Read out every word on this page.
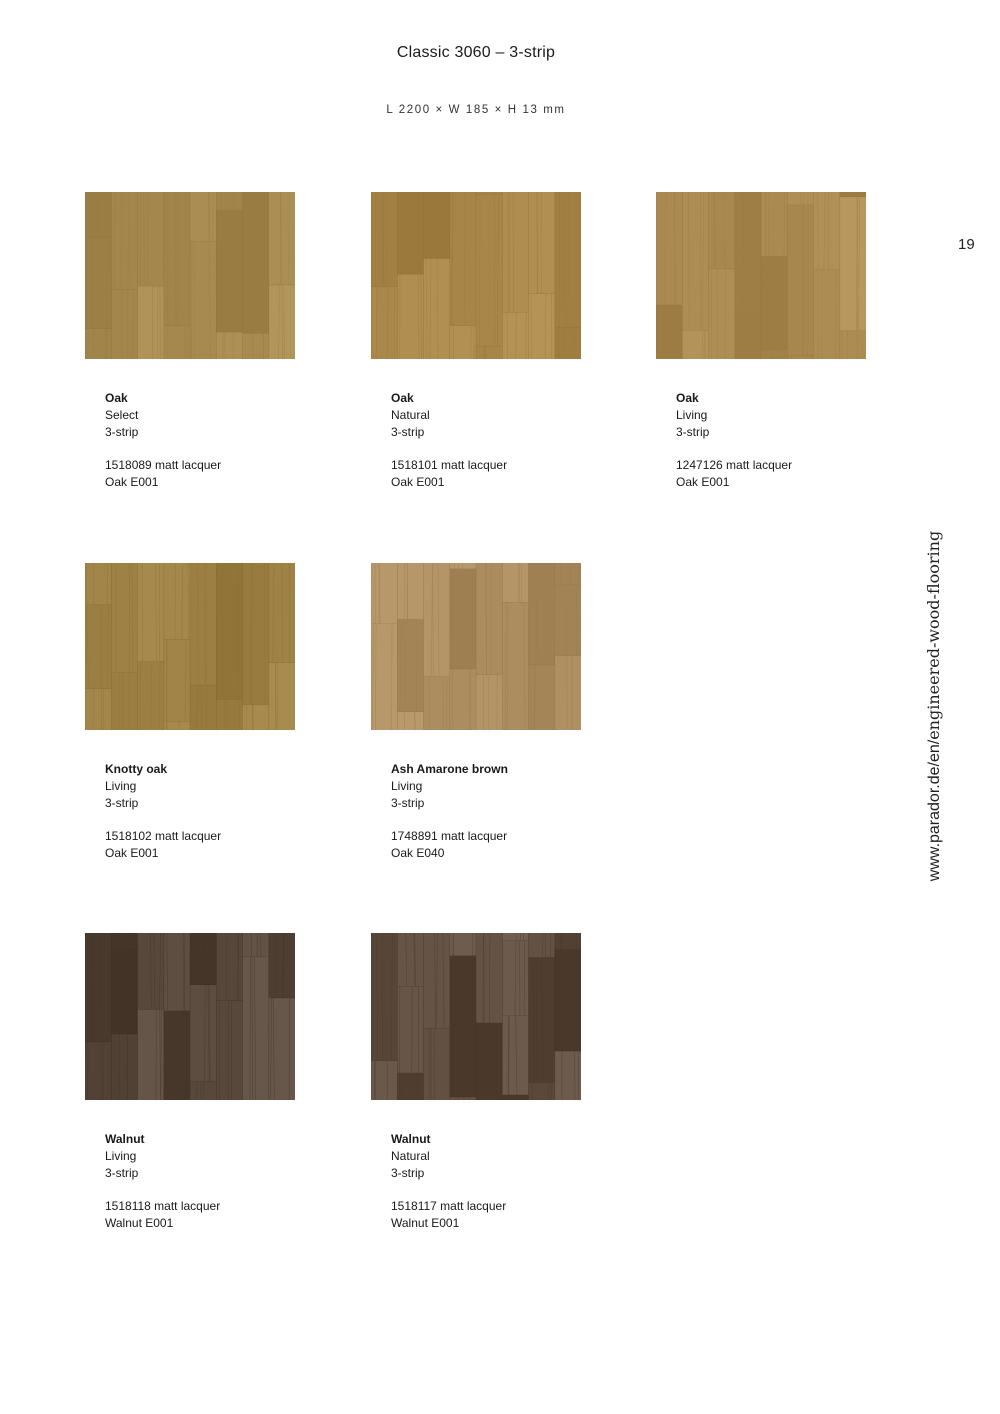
Classic 3060 – 3-strip
L 2200 × W 185 × H 13 mm
19
www.parador.de/en/engineered-wood-flooring
Oak
Select
3-strip
1518089 matt lacquer
Oak E001
Oak
Natural
3-strip
1518101 matt lacquer
Oak E001
Oak
Living
3-strip
1247126 matt lacquer
Oak E001
Knotty oak
Living
3-strip
1518102 matt lacquer
Oak E001
Ash Amarone brown
Living
3-strip
1748891 matt lacquer
Oak E040
Walnut
Living
3-strip
1518118 matt lacquer
Walnut E001
Walnut
Natural
3-strip
1518117 matt lacquer
Walnut E001
